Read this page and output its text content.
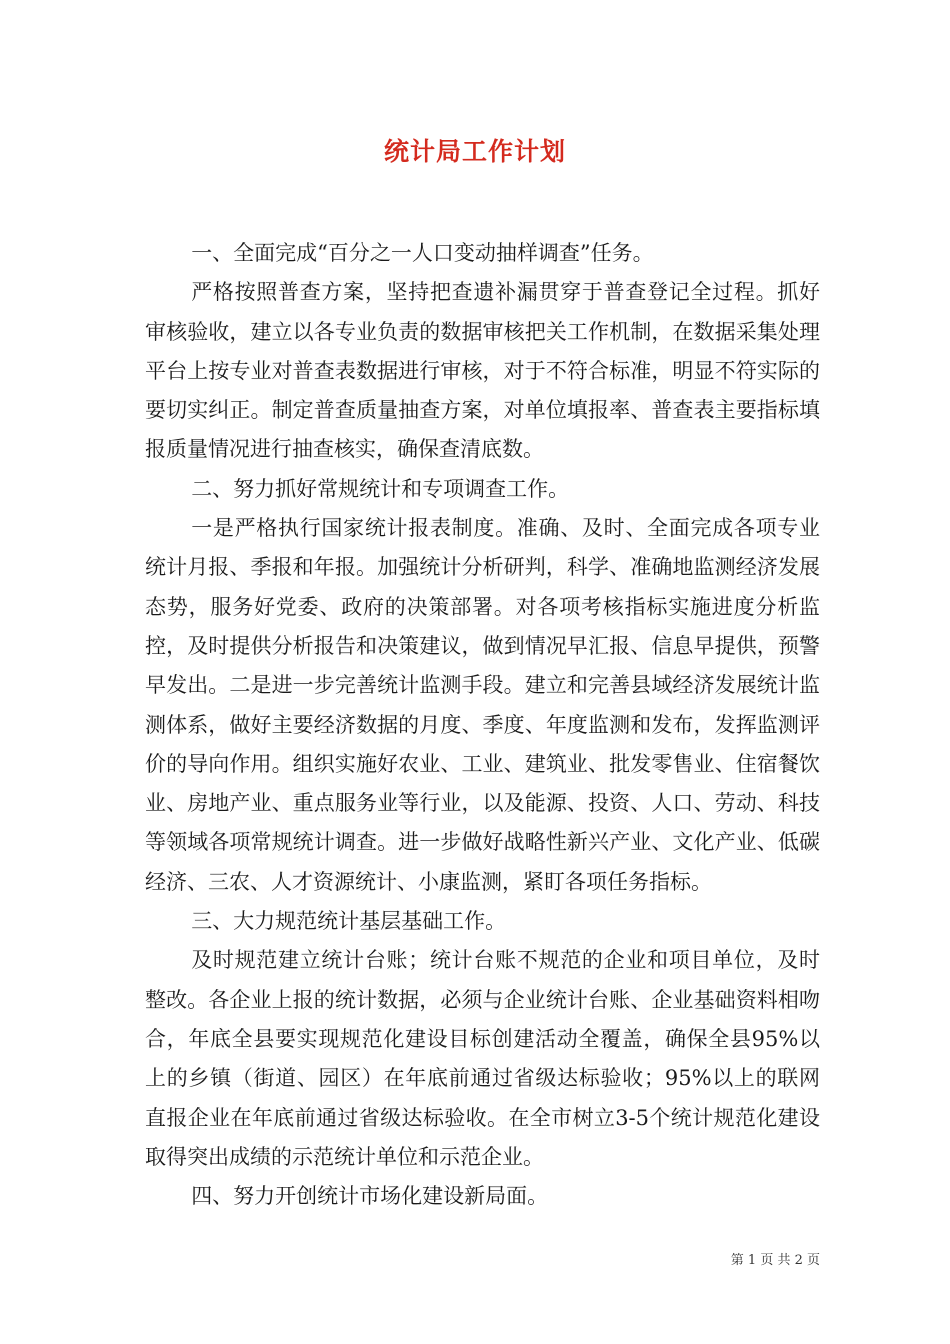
统计局工作计划

一、全面完成“百分之一人口变动抽样调查”任务。

严格按照普查方案，坚持把查遗补漏贯穿于普查登记全过程。抓好审核验收，建立以各专业负责的数据审核把关工作机制，在数据采集处理平台上按专业对普查表数据进行审核，对于不符合标准，明显不符实际的要切实纠正。制定普查质量抽查方案，对单位填报率、普查表主要指标填报质量情况进行抽查核实，确保查清底数。

二、努力抓好常规统计和专项调查工作。

一是严格执行国家统计报表制度。准确、及时、全面完成各项专业统计月报、季报和年报。加强统计分析研判，科学、准确地监测经济发展态势，服务好党委、政府的决策部署。对各项考核指标实施进度分析监控，及时提供分析报告和决策建议，做到情况早汇报、信息早提供，预警早发出。二是进一步完善统计监测手段。建立和完善县域经济发展统计监测体系，做好主要经济数据的月度、季度、年度监测和发布，发挥监测评价的导向作用。组织实施好农业、工业、建筑业、批发零售业、住宿餐饮业、房地产业、重点服务业等行业，以及能源、投资、人口、劳动、科技等领域各项常规统计调查。进一步做好战略性新兴产业、文化产业、低碳经济、三农、人才资源统计、小康监测，紧盯各项任务指标。

三、大力规范统计基层基础工作。

及时规范建立统计台账；统计台账不规范的企业和项目单位，及时整改。各企业上报的统计数据，必须与企业统计台账、企业基础资料相吻合，年底全县要实现规范化建设目标创建活动全覆盖，确保全县95%以上的乡镇（街道、园区）在年底前通过省级达标验收；95%以上的联网直报企业在年底前通过省级达标验收。在全市树立3-5个统计规范化建设取得突出成绩的示范统计单位和示范企业。

四、努力开创统计市场化建设新局面。

第 1 页 共 2 页
